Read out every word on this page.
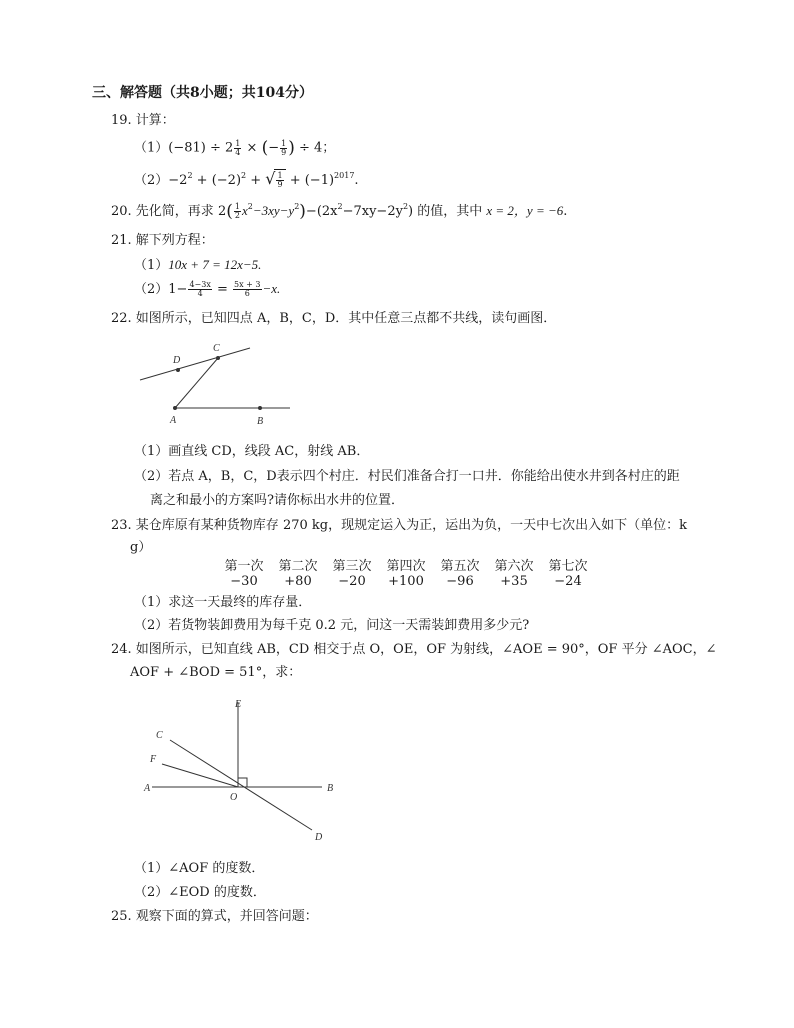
三、解答题（共8小题；共104分）
19. 计算：
$(1)(-81) \div 2 \frac{1}{4}$ × (− $\frac{1}{9}$ ) ÷ 4；
$(2)-2^2 + (-2)^2$ + √ $\frac{1}{9} + (-1)^{2017}$.
20. 先化简，再求 $2( \frac{1}{2} x^2-3xy-y^2)-(2x^2-7xy-2y^2)$ 的值，其中 x = 2，y = −6.
21. 解下列方程：
（1）10x + 7 = 12x−5.
$(2)1- \frac{4-3x}{4} = \frac{5x + 3}{6} -x$.
22. 如图所示，已知四点 A，B，C，D．其中任意三点都不共线，读句画图．
D
C
A	B
（1）画直线 CD，线段 AC，射线 AB．
（2）若点 A，B，C，D表示四个村庄．村民们准备合打一口井．你能给出使水井到各村庄的距
离之和最小的方案吗?请你标出水井的位置．
23. 某仓库原有某种货物库存 270 kg，现规定运入为正，运出为负，一天中七次出入如下（单位：k
g）
第一次	第二次	第三次	第四次	第五次	第六次	第七次
−30	+80	−20	+100	−96	+35	−24
（1）求这一天最终的库存量．
（2）若货物装卸费用为每千克 0.2 元，问这一天需装卸费用多少元?
24. 如图所示，已知直线 AB，CD 相交于点 O，OE，OF 为射线，∠AOE = 90°，OF 平分 ∠AOC，∠
AOF + ∠BOD = 51°，求：
E
C
F
A
O
B
D
（1）∠AOF 的度数．
（2）∠EOD 的度数．
25. 观察下面的算式，并回答问题：
